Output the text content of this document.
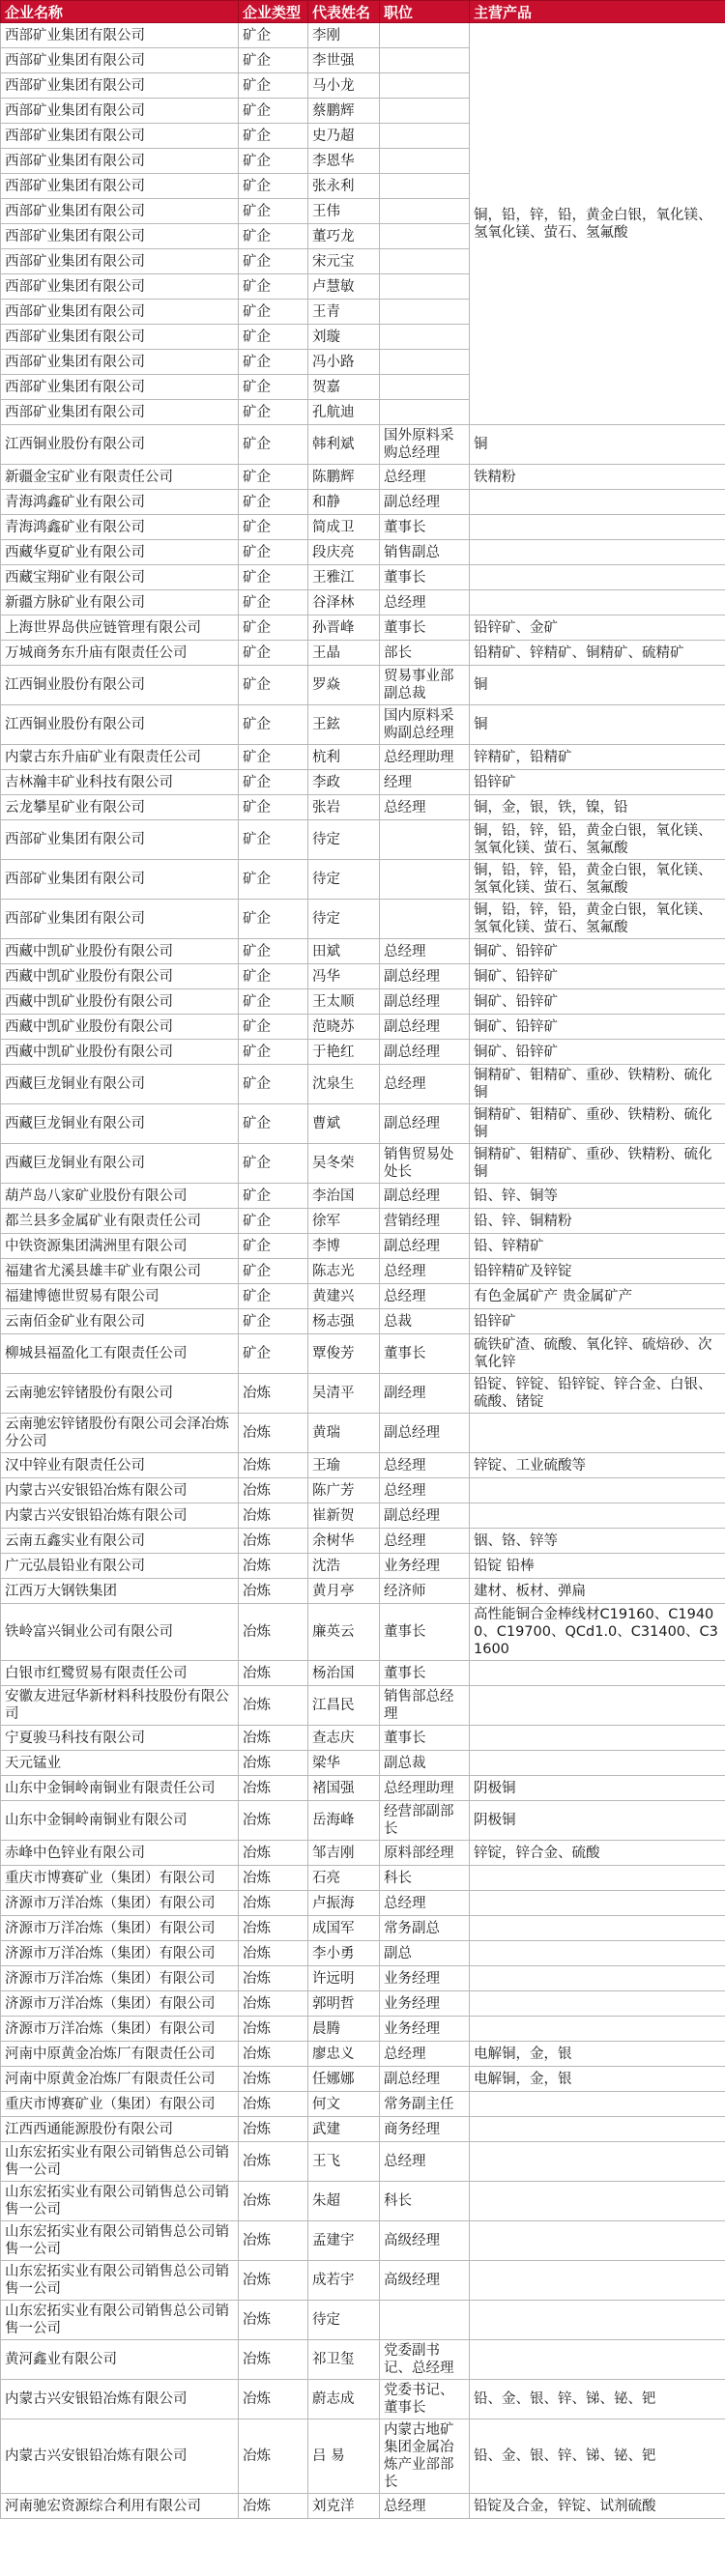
企业名称	企业类型	代表姓名	职位	主营产品
西部矿业集团有限公司	矿企	李刚		铜，铅，锌，铅，黄金白银，氧化镁、氢氧化镁、萤石、氢氟酸
西部矿业集团有限公司	矿企	李世强		
西部矿业集团有限公司	矿企	马小龙		
西部矿业集团有限公司	矿企	蔡鹏辉		
西部矿业集团有限公司	矿企	史乃超		
西部矿业集团有限公司	矿企	李恩华		
西部矿业集团有限公司	矿企	张永利		
西部矿业集团有限公司	矿企	王伟		
西部矿业集团有限公司	矿企	董巧龙		
西部矿业集团有限公司	矿企	宋元宝		
西部矿业集团有限公司	矿企	卢慧敏		
西部矿业集团有限公司	矿企	王青		
西部矿业集团有限公司	矿企	刘璇		
西部矿业集团有限公司	矿企	冯小路		
西部矿业集团有限公司	矿企	贺嘉		
西部矿业集团有限公司	矿企	孔航迪		
江西铜业股份有限公司	矿企	韩利斌	国外原料采购总经理	铜
新疆金宝矿业有限责任公司	矿企	陈鹏辉	总经理	铁精粉
青海鸿鑫矿业有限公司	矿企	和静	副总经理	
青海鸿鑫矿业有限公司	矿企	简成卫	董事长	
西藏华夏矿业有限公司	矿企	段庆亮	销售副总	
西藏宝翔矿业有限公司	矿企	王雅江	董事长	
新疆方脉矿业有限公司	矿企	谷泽林	总经理	
上海世界岛供应链管理有限公司	矿企	孙晋峰	董事长	铅锌矿、金矿
万城商务东升庙有限责任公司	矿企	王晶	部长	铅精矿、锌精矿、铜精矿、硫精矿
江西铜业股份有限公司	矿企	罗焱	贸易事业部副总裁	铜
江西铜业股份有限公司	矿企	王鉉	国内原料采购副总经理	铜
内蒙古东升庙矿业有限责任公司	矿企	杭利	总经理助理	锌精矿，铅精矿
吉林瀚丰矿业科技有限公司	矿企	李政	经理	铅锌矿
云龙攀星矿业有限公司	矿企	张岩	总经理	铜，金，银，铁，镍，铅
西部矿业集团有限公司	矿企	待定		铜，铅，锌，铅，黄金白银，氧化镁、氢氧化镁、萤石、氢氟酸
西部矿业集团有限公司	矿企	待定		铜，铅，锌，铅，黄金白银，氧化镁、氢氧化镁、萤石、氢氟酸
西部矿业集团有限公司	矿企	待定		铜，铅，锌，铅，黄金白银，氧化镁、氢氧化镁、萤石、氢氟酸
西藏中凯矿业股份有限公司	矿企	田斌	总经理	铜矿、铅锌矿
西藏中凯矿业股份有限公司	矿企	冯华	副总经理	铜矿、铅锌矿
西藏中凯矿业股份有限公司	矿企	王太顺	副总经理	铜矿、铅锌矿
西藏中凯矿业股份有限公司	矿企	范晓苏	副总经理	铜矿、铅锌矿
西藏中凯矿业股份有限公司	矿企	于艳红	副总经理	铜矿、铅锌矿
西藏巨龙铜业有限公司	矿企	沈泉生	总经理	铜精矿、钼精矿、重砂、铁精粉、硫化铜
西藏巨龙铜业有限公司	矿企	曹斌	副总经理	铜精矿、钼精矿、重砂、铁精粉、硫化铜
西藏巨龙铜业有限公司	矿企	吴冬荣	销售贸易处处长	铜精矿、钼精矿、重砂、铁精粉、硫化铜
葫芦岛八家矿业股份有限公司	矿企	李治国	副总经理	铅、锌、铜等
都兰县多金属矿业有限责任公司	矿企	徐军	营销经理	铅、锌、铜精粉
中铁资源集团满洲里有限公司	矿企	李博	副总经理	铅、锌精矿
福建省尤溪县雄丰矿业有限公司	矿企	陈志光	总经理	铅锌精矿及锌锭
福建博德世贸易有限公司	矿企	黄建兴	总经理	有色金属矿产 贵金属矿产
云南佰金矿业有限公司	矿企	杨志强	总裁	铅锌矿
柳城县福盈化工有限责任公司	矿企	覃俊芳	董事长	硫铁矿渣、硫酸、氧化锌、硫焙砂、次氧化锌
云南驰宏锌锗股份有限公司	冶炼	吴清平	副经理	铅锭、锌锭、铅锌锭、锌合金、白银、硫酸、锗锭
云南驰宏锌锗股份有限公司会泽冶炼分公司	冶炼	黄瑞	副总经理	
汉中锌业有限责任公司	冶炼	王瑜	总经理	锌锭、工业硫酸等
内蒙古兴安银铅冶炼有限公司	冶炼	陈广芳	总经理	
内蒙古兴安银铅冶炼有限公司	冶炼	崔新贺	副总经理	
云南五鑫实业有限公司	冶炼	余树华	总经理	铟、铬、锌等
广元弘晨铅业有限公司	冶炼	沈浩	业务经理	铅锭 铅棒
江西万大钢铁集团	冶炼	黄月亭	经济师	建材、板材、弹扁
铁岭富兴铜业公司有限公司	冶炼	廉英云	董事长	高性能铜合金棒线材C19160、C19400、C19700、QCd1.0、C31400、C31600
白银市红鹭贸易有限责任公司	冶炼	杨治国	董事长	
安徽友进冠华新材料科技股份有限公司	冶炼	江昌民	销售部总经理	
宁夏骏马科技有限公司	冶炼	查志庆	董事长	
天元锰业	冶炼	梁华	副总裁	
山东中金铜岭南铜业有限责任公司	冶炼	褚国强	总经理助理	阴极铜
山东中金铜岭南铜业有限公司	冶炼	岳海峰	经营部副部长	阴极铜
赤峰中色锌业有限公司	冶炼	邹吉刚	原料部经理	锌锭，锌合金、硫酸
重庆市博赛矿业（集团）有限公司	冶炼	石亮	科长	
济源市万洋冶炼（集团）有限公司	冶炼	卢振海	总经理	
济源市万洋冶炼（集团）有限公司	冶炼	成国军	常务副总	
济源市万洋冶炼（集团）有限公司	冶炼	李小勇	副总	
济源市万洋冶炼（集团）有限公司	冶炼	许远明	业务经理	
济源市万洋冶炼（集团）有限公司	冶炼	郭明哲	业务经理	
济源市万洋冶炼（集团）有限公司	冶炼	晨腾	业务经理	
河南中原黄金冶炼厂有限责任公司	冶炼	廖忠义	总经理	电解铜，金，银
河南中原黄金冶炼厂有限责任公司	冶炼	任娜娜	副总经理	电解铜，金，银
重庆市博赛矿业（集团）有限公司	冶炼	何文	常务副主任	
江西西通能源股份有限公司	冶炼	武建	商务经理	
山东宏拓实业有限公司销售总公司销售一公司	冶炼	王飞	总经理	
山东宏拓实业有限公司销售总公司销售一公司	冶炼	朱超	科长	
山东宏拓实业有限公司销售总公司销售一公司	冶炼	孟建宇	高级经理	
山东宏拓实业有限公司销售总公司销售一公司	冶炼	成若宇	高级经理	
山东宏拓实业有限公司销售总公司销售一公司	冶炼	待定		
黄河鑫业有限公司	冶炼	祁卫玺	党委副书记、总经理	
内蒙古兴安银铅冶炼有限公司	冶炼	蔚志成	党委书记、董事长	铅、金、银、锌、锑、铋、钯
内蒙古兴安银铅冶炼有限公司	冶炼	吕 易	内蒙古地矿集团金属冶炼产业部部长	铅、金、银、锌、锑、铋、钯
河南驰宏资源综合利用有限公司	冶炼	刘克洋	总经理	铅锭及合金，锌锭、试剂硫酸
